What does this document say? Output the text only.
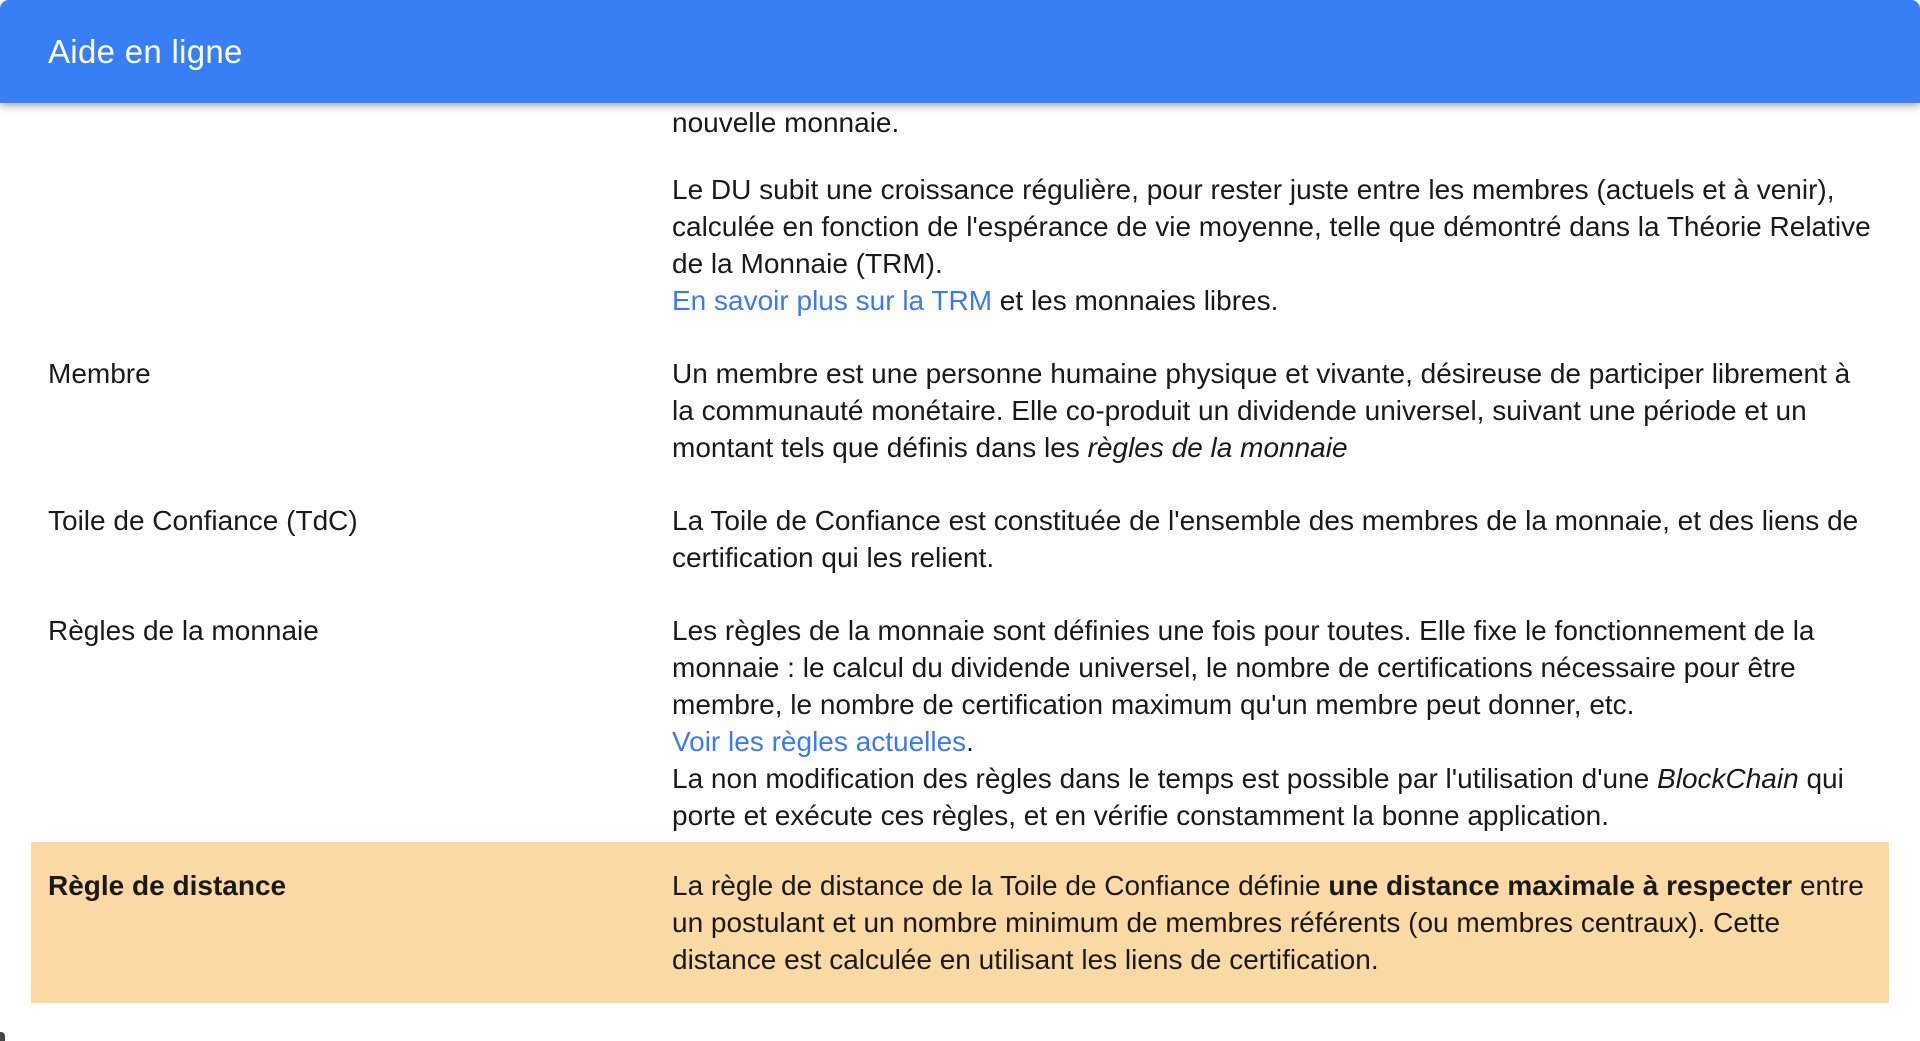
Aide en ligne

nouvelle monnaie.

Le DU subit une croissance régulière, pour rester juste entre les membres (actuels et à venir), calculée en fonction de l'espérance de vie moyenne, telle que démontré dans la Théorie Relative de la Monnaie (TRM).
En savoir plus sur la TRM et les monnaies libres.

Membre	Un membre est une personne humaine physique et vivante, désireuse de participer librement à la communauté monétaire. Elle co-produit un dividende universel, suivant une période et un montant tels que définis dans les règles de la monnaie

Toile de Confiance (TdC)	La Toile de Confiance est constituée de l'ensemble des membres de la monnaie, et des liens de certification qui les relient.

Règles de la monnaie	Les règles de la monnaie sont définies une fois pour toutes. Elle fixe le fonctionnement de la monnaie : le calcul du dividende universel, le nombre de certifications nécessaire pour être membre, le nombre de certification maximum qu'un membre peut donner, etc.
Voir les règles actuelles.
La non modification des règles dans le temps est possible par l'utilisation d'une BlockChain qui porte et exécute ces règles, et en vérifie constamment la bonne application.

Règle de distance	La règle de distance de la Toile de Confiance définie une distance maximale à respecter entre un postulant et un nombre minimum de membres référents (ou membres centraux). Cette distance est calculée en utilisant les liens de certification.
